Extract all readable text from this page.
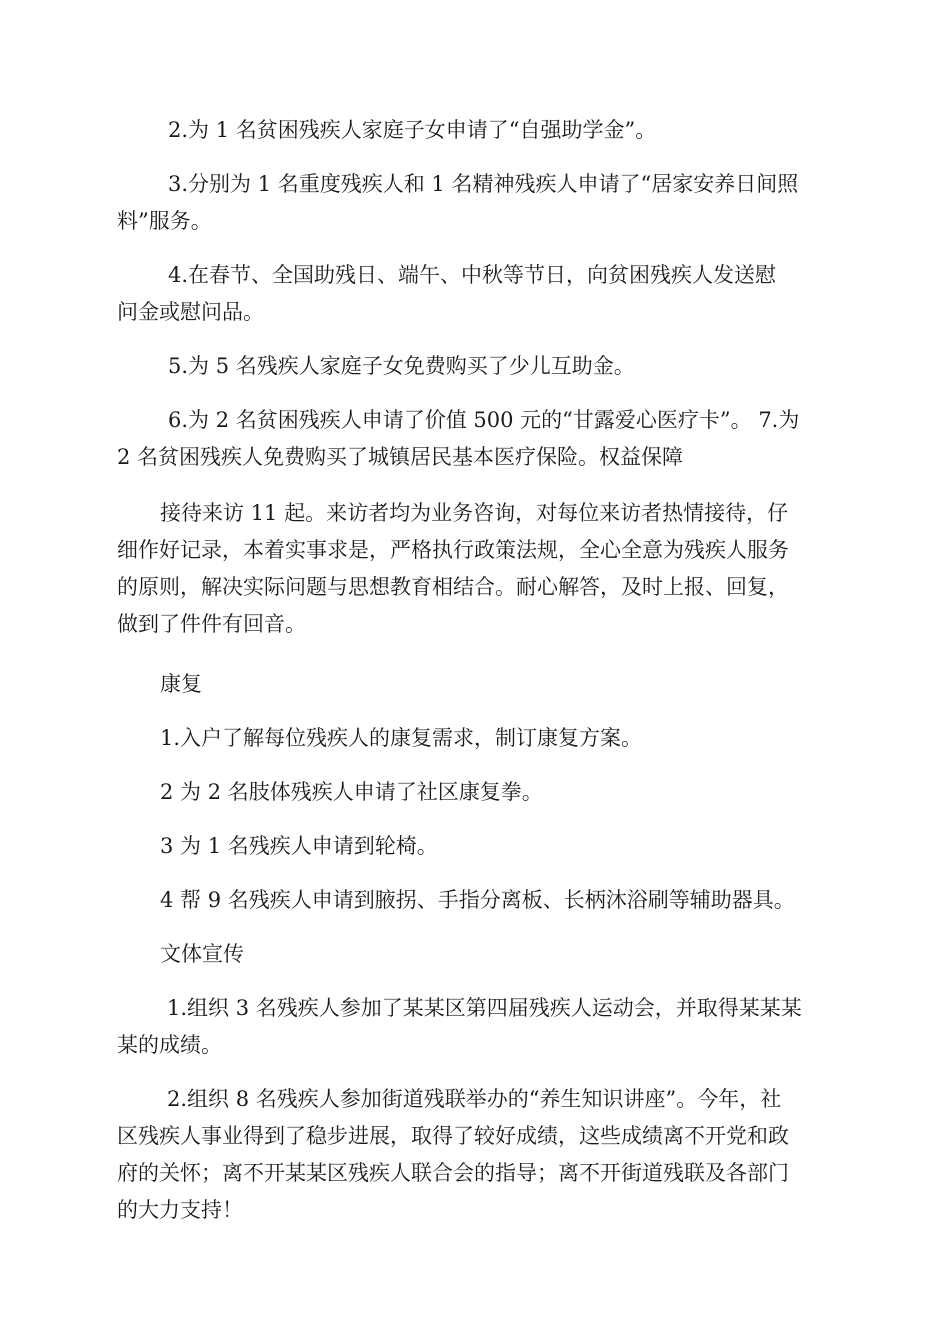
2.为 1 名贫困残疾人家庭子女申请了“自强助学金”。

3.分别为 1 名重度残疾人和 1 名精神残疾人申请了“居家安养日间照
料”服务。

4.在春节、全国助残日、端午、中秋等节日，向贫困残疾人发送慰
问金或慰问品。

5.为 5 名残疾人家庭子女免费购买了少儿互助金。

6.为 2 名贫困残疾人申请了价值 500 元的“甘露爱心医疗卡”。 7.为
2 名贫困残疾人免费购买了城镇居民基本医疗保险。权益保障

接待来访 11 起。来访者均为业务咨询，对每位来访者热情接待，仔
细作好记录，本着实事求是，严格执行政策法规，全心全意为残疾人服务
的原则，解决实际问题与思想教育相结合。耐心解答，及时上报、回复，
做到了件件有回音。

康复

1.入户了解每位残疾人的康复需求，制订康复方案。

2 为 2 名肢体残疾人申请了社区康复拳。

3 为 1 名残疾人申请到轮椅。

4 帮 9 名残疾人申请到腋拐、手指分离板、长柄沐浴刷等辅助器具。

文体宣传

1.组织 3 名残疾人参加了某某区第四届残疾人运动会，并取得某某某
某的成绩。

2.组织 8 名残疾人参加街道残联举办的“养生知识讲座”。今年，社
区残疾人事业得到了稳步进展，取得了较好成绩，这些成绩离不开党和政
府的关怀；离不开某某区残疾人联合会的指导；离不开街道残联及各部门
的大力支持！
